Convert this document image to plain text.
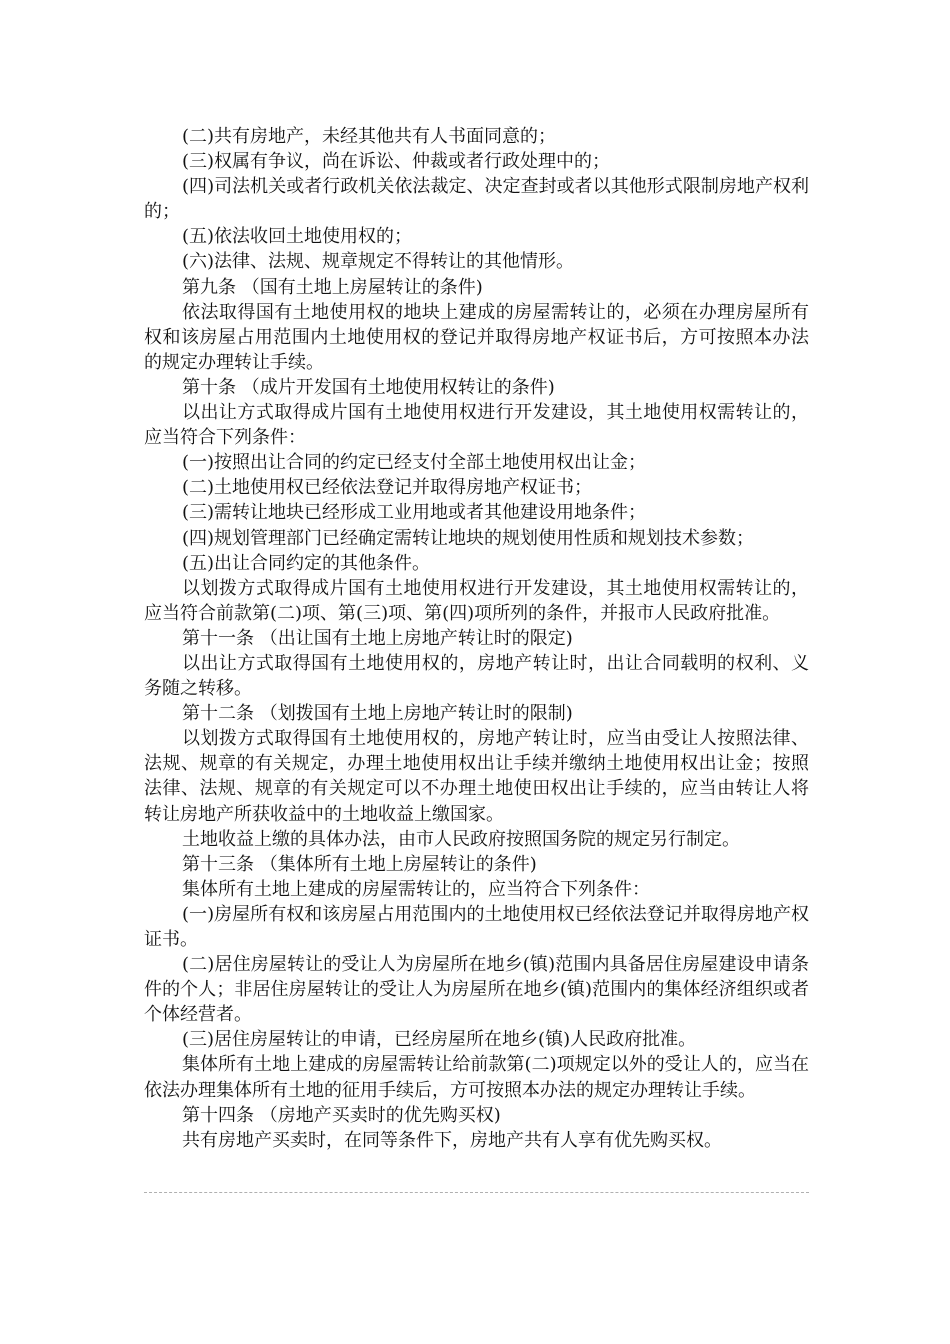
(二)共有房地产，未经其他共有人书面同意的；

(三)权属有争议，尚在诉讼、仲裁或者行政处理中的；

(四)司法机关或者行政机关依法裁定、决定查封或者以其他形式限制房地产权利的；

(五)依法收回土地使用权的；

(六)法律、法规、规章规定不得转让的其他情形。

第九条 （国有土地上房屋转让的条件)

依法取得国有土地使用权的地块上建成的房屋需转让的，必须在办理房屋所有权和该房屋占用范围内土地使用权的登记并取得房地产权证书后，方可按照本办法的规定办理转让手续。

第十条 （成片开发国有土地使用权转让的条件)

以出让方式取得成片国有土地使用权进行开发建设，其土地使用权需转让的，应当符合下列条件：

(一)按照出让合同的约定已经支付全部土地使用权出让金；

(二)土地使用权已经依法登记并取得房地产权证书；

(三)需转让地块已经形成工业用地或者其他建设用地条件；

(四)规划管理部门已经确定需转让地块的规划使用性质和规划技术参数；

(五)出让合同约定的其他条件。

以划拨方式取得成片国有土地使用权进行开发建设，其土地使用权需转让的，应当符合前款第(二)项、第(三)项、第(四)项所列的条件，并报市人民政府批准。

第十一条 （出让国有土地上房地产转让时的限定)

以出让方式取得国有土地使用权的，房地产转让时，出让合同载明的权利、义务随之转移。

第十二条 （划拨国有土地上房地产转让时的限制)

以划拨方式取得国有土地使用权的，房地产转让时，应当由受让人按照法律、法规、规章的有关规定，办理土地使用权出让手续并缴纳土地使用权出让金；按照法律、法规、规章的有关规定可以不办理土地使田权出让手续的，应当由转让人将转让房地产所获收益中的土地收益上缴国家。

土地收益上缴的具体办法，由市人民政府按照国务院的规定另行制定。

第十三条 （集体所有土地上房屋转让的条件)

集体所有土地上建成的房屋需转让的，应当符合下列条件：

(一)房屋所有权和该房屋占用范围内的土地使用权已经依法登记并取得房地产权证书。

(二)居住房屋转让的受让人为房屋所在地乡(镇)范围内具备居住房屋建设申请条件的个人；非居住房屋转让的受让人为房屋所在地乡(镇)范围内的集体经济组织或者个体经营者。

(三)居住房屋转让的申请，已经房屋所在地乡(镇)人民政府批准。

集体所有土地上建成的房屋需转让给前款第(二)项规定以外的受让人的，应当在依法办理集体所有土地的征用手续后，方可按照本办法的规定办理转让手续。

第十四条 （房地产买卖时的优先购买权)

共有房地产买卖时，在同等条件下，房地产共有人享有优先购买权。
